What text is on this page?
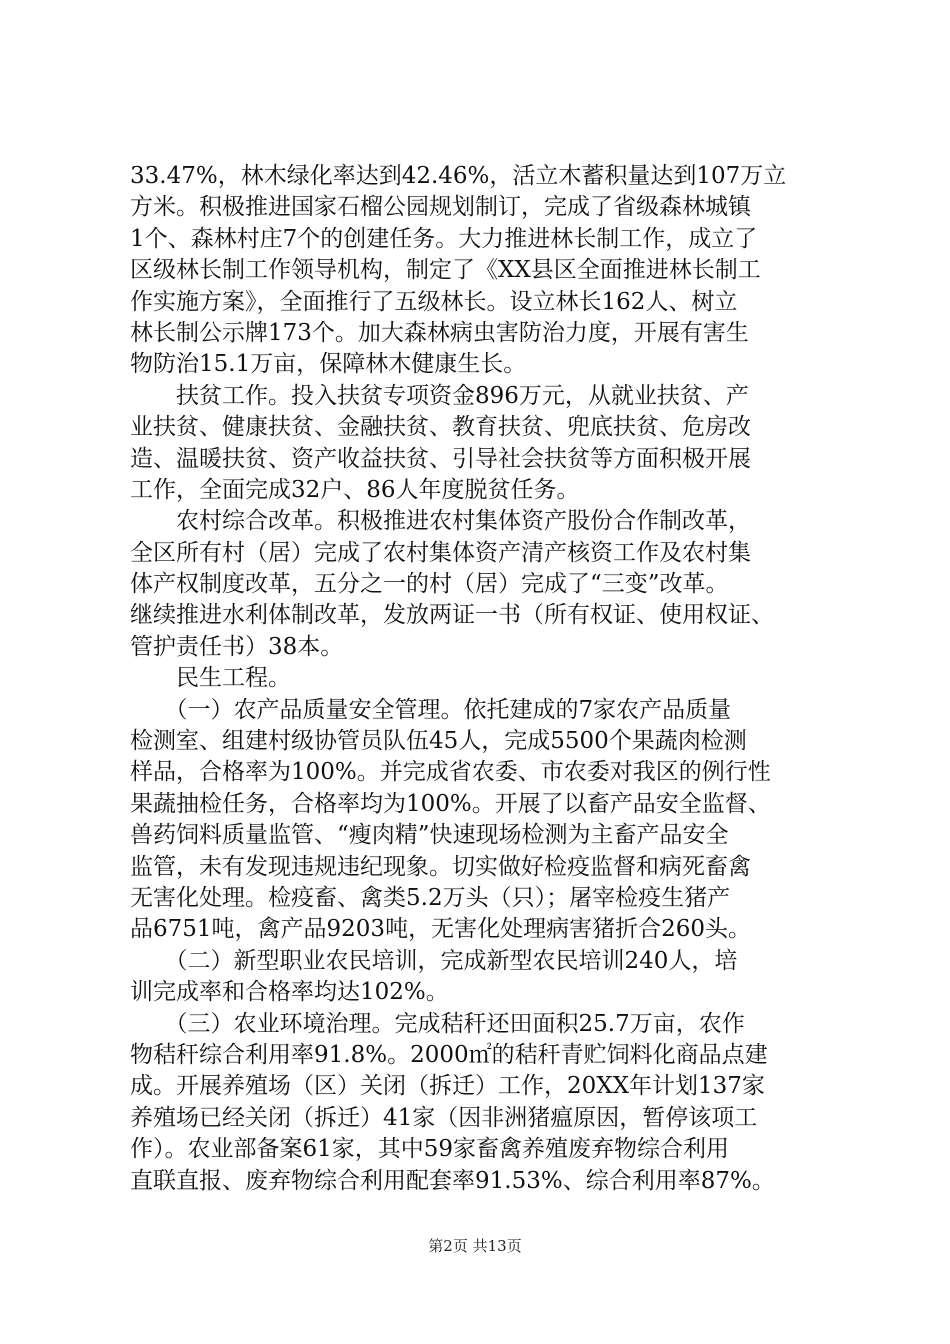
33.47%，林木绿化率达到42.46%，活立木蓄积量达到107万立
方米。积极推进国家石榴公园规划制订，完成了省级森林城镇
1个、森林村庄7个的创建任务。大力推进林长制工作，成立了
区级林长制工作领导机构，制定了《XX县区全面推进林长制工
作实施方案》，全面推行了五级林长。设立林长162人、树立
林长制公示牌173个。加大森林病虫害防治力度，开展有害生
物防治15.1万亩，保障林木健康生长。
　　扶贫工作。投入扶贫专项资金896万元，从就业扶贫、产
业扶贫、健康扶贫、金融扶贫、教育扶贫、兜底扶贫、危房改
造、温暖扶贫、资产收益扶贫、引导社会扶贫等方面积极开展
工作，全面完成32户、86人年度脱贫任务。
　　农村综合改革。积极推进农村集体资产股份合作制改革，
全区所有村（居）完成了农村集体资产清产核资工作及农村集
体产权制度改革，五分之一的村（居）完成了“三变”改革。
继续推进水利体制改革，发放两证一书（所有权证、使用权证、
管护责任书）38本。
　　民生工程。
　　（一）农产品质量安全管理。依托建成的7家农产品质量
检测室、组建村级协管员队伍45人，完成5500个果蔬肉检测
样品，合格率为100%。并完成省农委、市农委对我区的例行性
果蔬抽检任务，合格率均为100%。开展了以畜产品安全监督、
兽药饲料质量监管、“瘦肉精”快速现场检测为主畜产品安全
监管，未有发现违规违纪现象。切实做好检疫监督和病死畜禽
无害化处理。检疫畜、禽类5.2万头（只）；屠宰检疫生猪产
品6751吨，禽产品9203吨，无害化处理病害猪折合260头。
　　（二）新型职业农民培训，完成新型农民培训240人，培
训完成率和合格率均达102%。
　　（三）农业环境治理。完成秸秆还田面积25.7万亩，农作
物秸秆综合利用率91.8%。2000㎡的秸秆青贮饲料化商品点建
成。开展养殖场（区）关闭（拆迁）工作，20XX年计划137家
养殖场已经关闭（拆迁）41家（因非洲猪瘟原因，暂停该项工
作）。农业部备案61家，其中59家畜禽养殖废弃物综合利用
直联直报、废弃物综合利用配套率91.53%、综合利用率87%。
第2页 共13页
